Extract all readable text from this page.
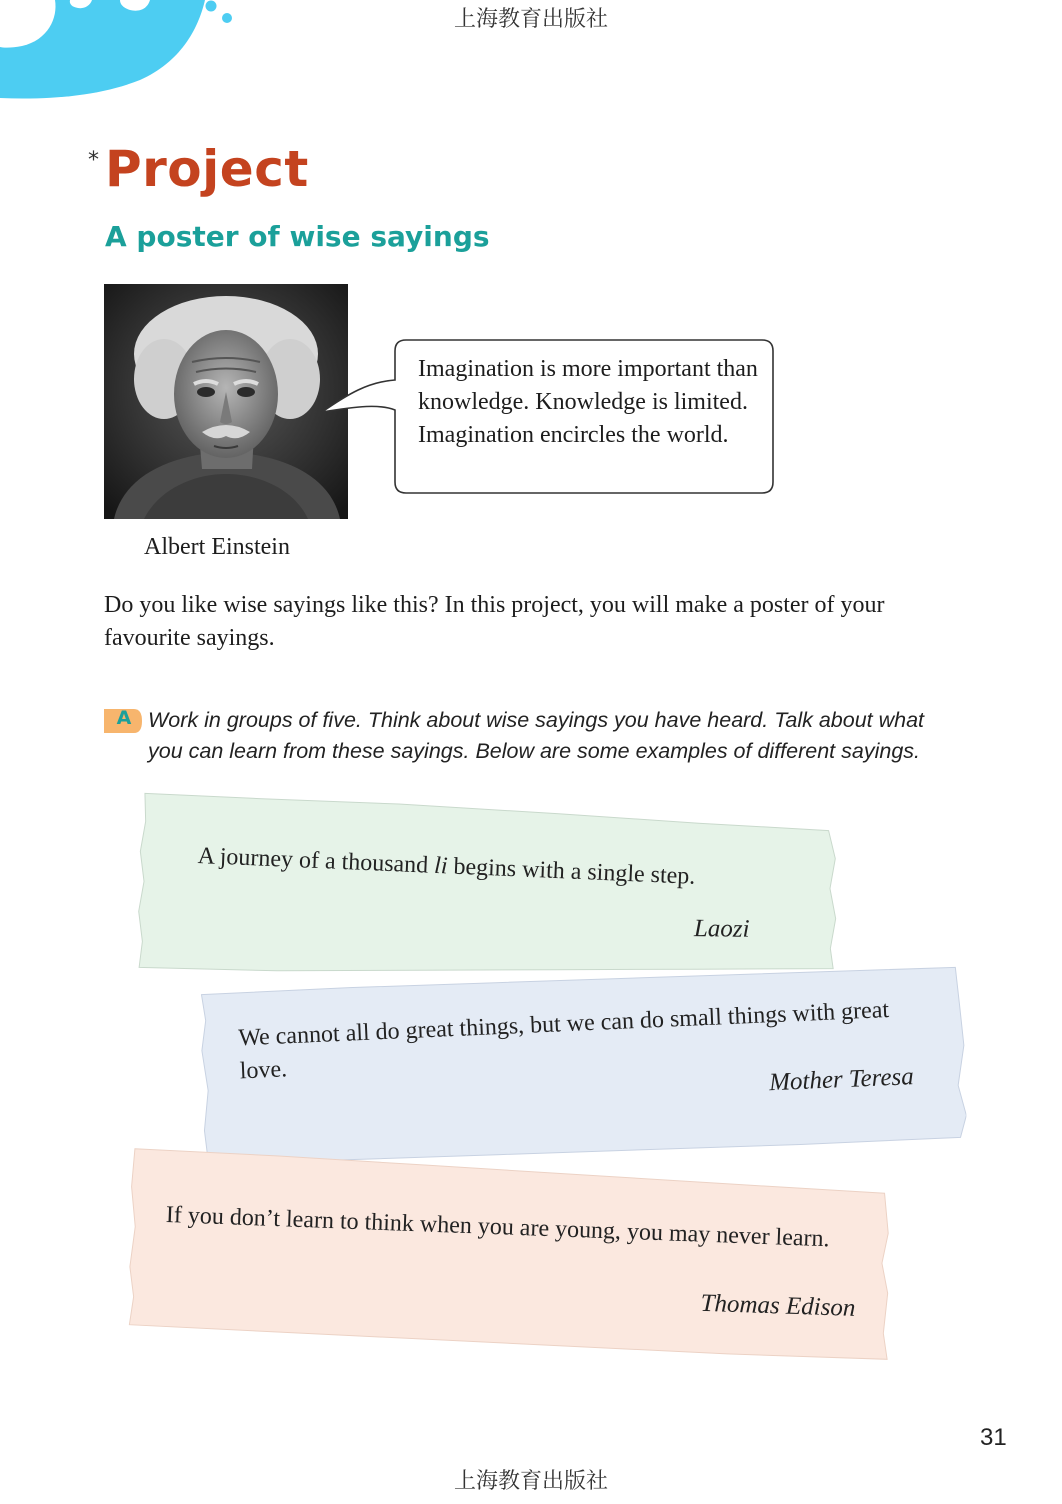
上海教育出版社
* Project
A poster of wise sayings
Albert Einstein
Imagination is more important than knowledge. Knowledge is limited. Imagination encircles the world.
Do you like wise sayings like this? In this project, you will make a poster of your favourite sayings.
A Work in groups of five. Think about wise sayings you have heard. Talk about what you can learn from these sayings. Below are some examples of different sayings.
A journey of a thousand li begins with a single step.
Laozi
We cannot all do great things, but we can do small things with great love.	Mother Teresa
If you don’t learn to think when you are young, you may never learn.
Thomas Edison
31
上海教育出版社
